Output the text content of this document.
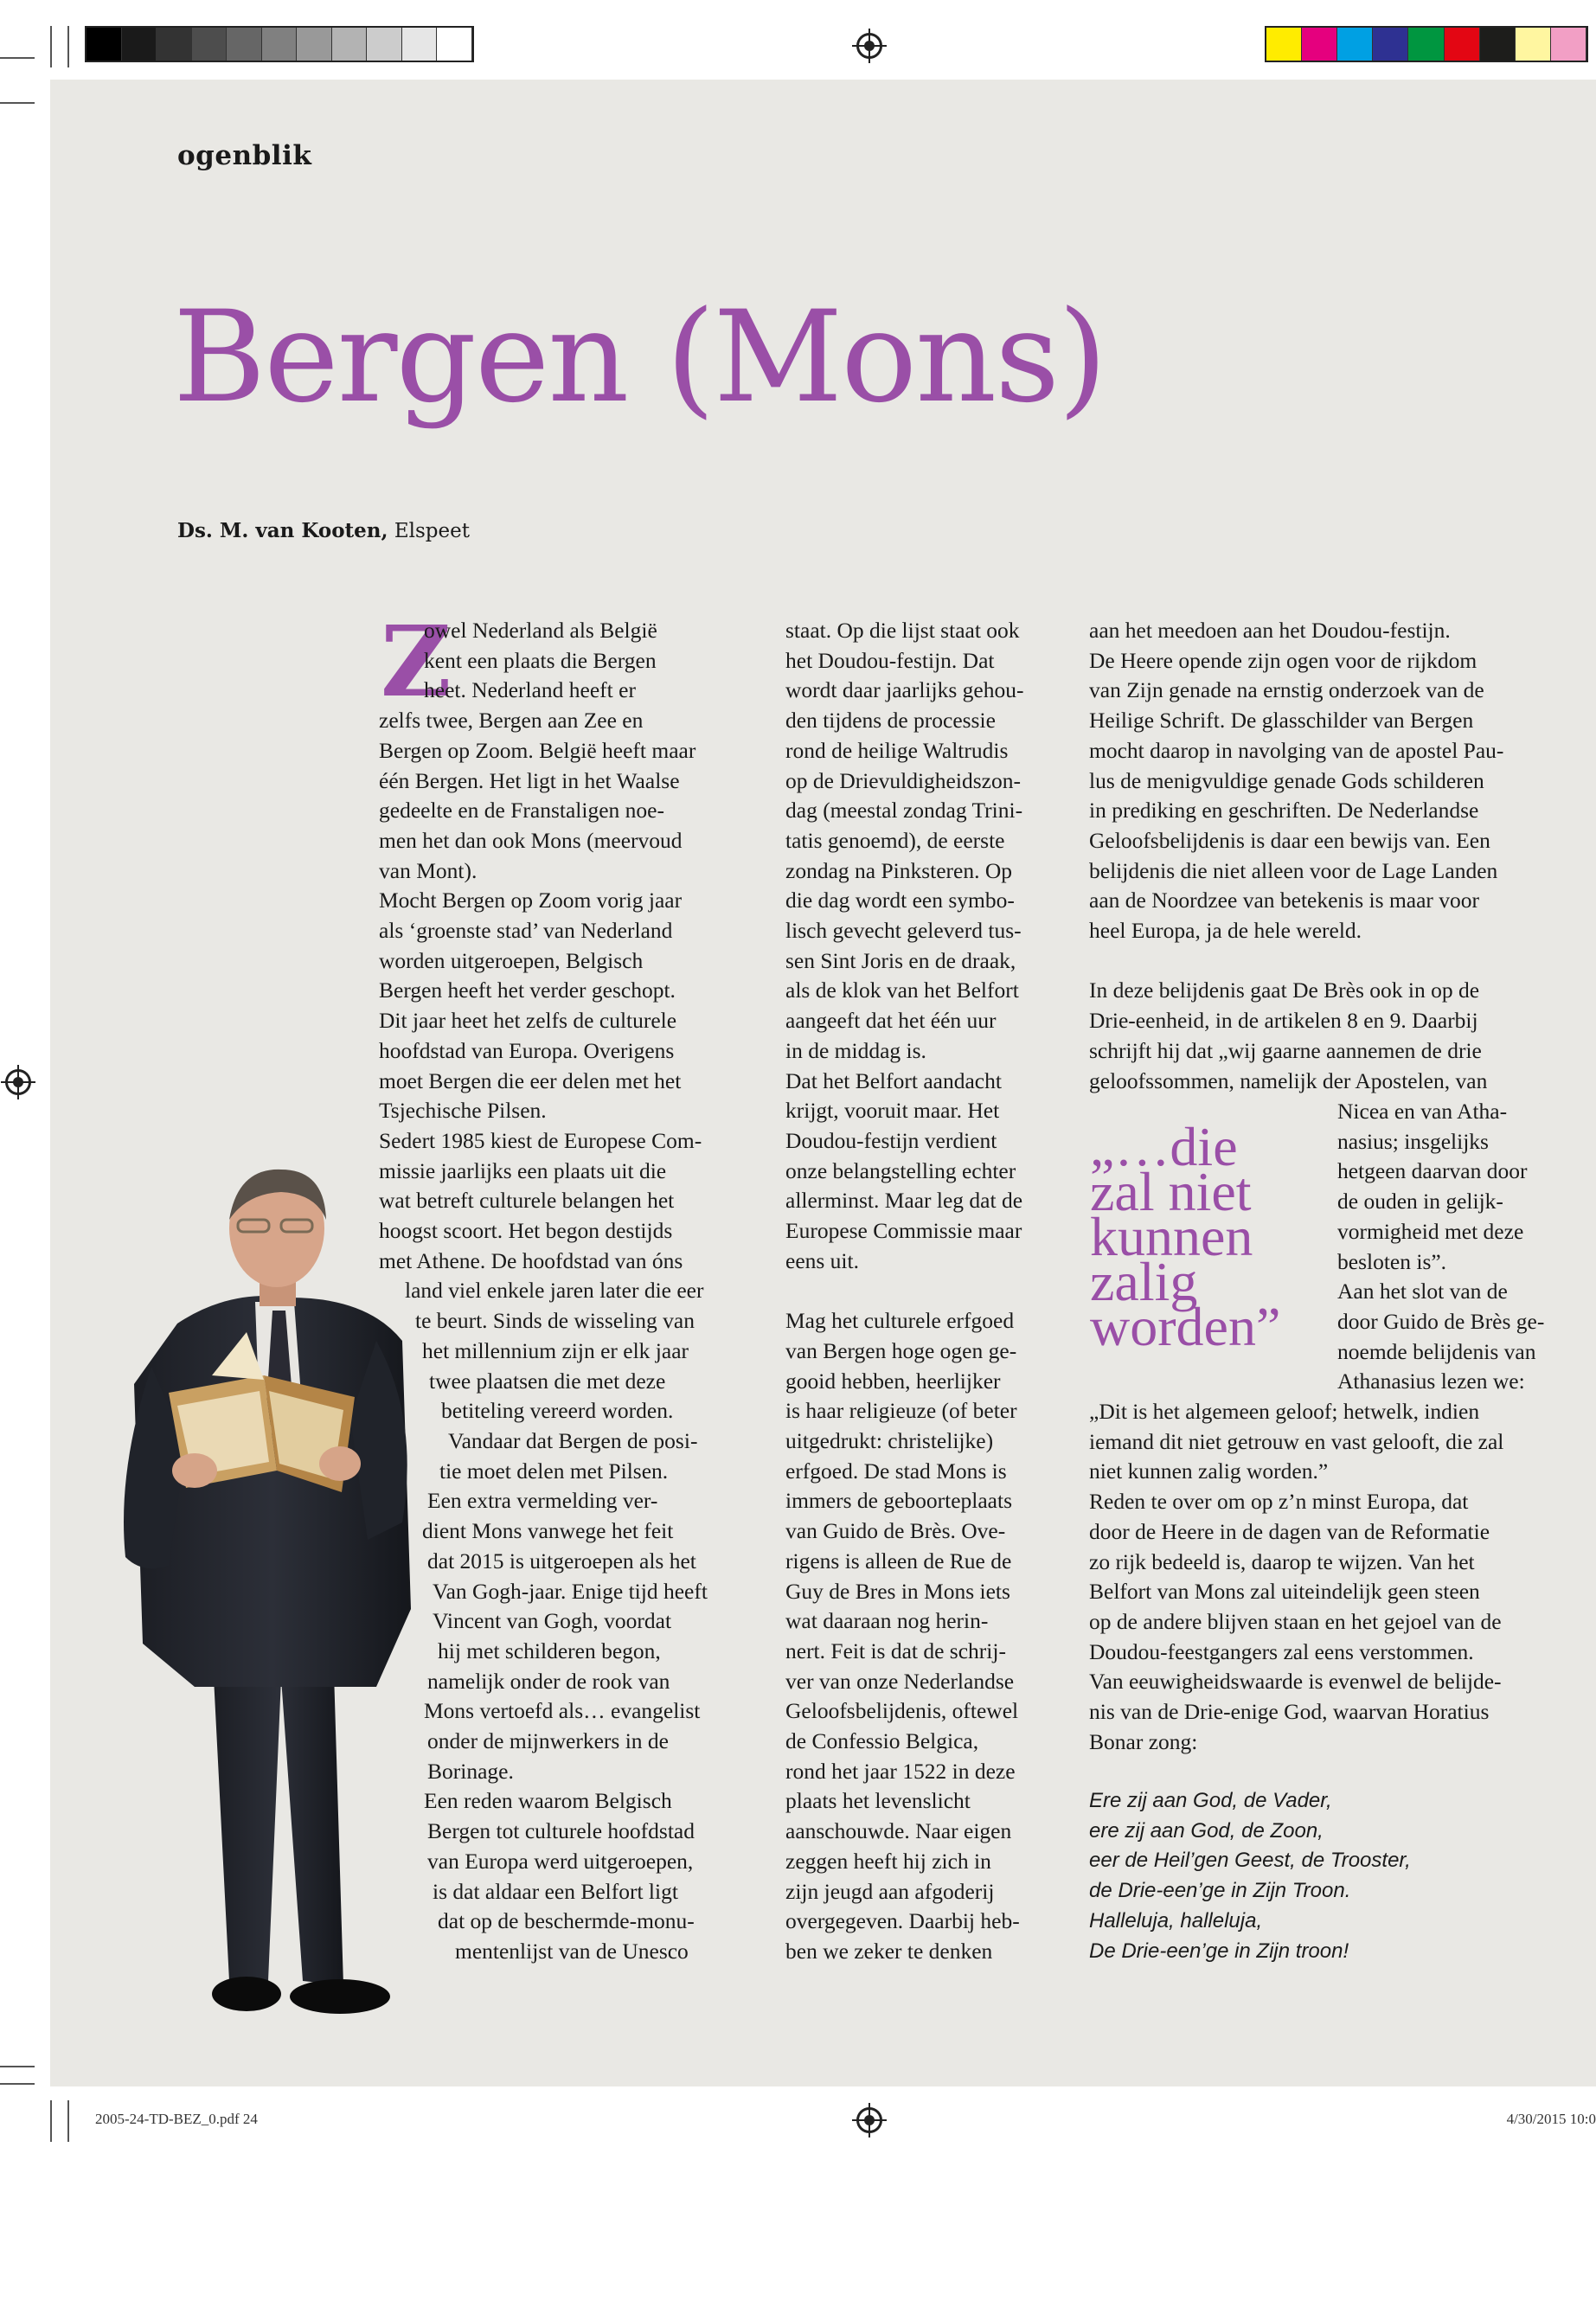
2005-24-TD-BEZ_0.pdf 24	4/30/2015 10:0
ogenblik
Bergen (Mons)
Ds. M. van Kooten, Elspeet
Z
owel Nederland als België
kent een plaats die Bergen
heet. Nederland heeft er
zelfs twee, Bergen aan Zee en
Bergen op Zoom. België heeft maar
één Bergen. Het ligt in het Waalse
gedeelte en de Franstaligen noe-
men het dan ook Mons (meervoud
van Mont).
Mocht Bergen op Zoom vorig jaar
als ‘groenste stad’ van Nederland
worden uitgeroepen, Belgisch
Bergen heeft het verder geschopt.
Dit jaar heet het zelfs de culturele
hoofdstad van Europa. Overigens
moet Bergen die eer delen met het
Tsjechische Pilsen.
Sedert 1985 kiest de Europese Com-
missie jaarlijks een plaats uit die
wat betreft culturele belangen het
hoogst scoort. Het begon destijds
met Athene. De hoofdstad van óns
land viel enkele jaren later die eer
te beurt. Sinds de wisseling van
het millennium zijn er elk jaar
twee plaatsen die met deze
betiteling vereerd worden.
Vandaar dat Bergen de posi-
tie moet delen met Pilsen.
Een extra vermelding ver-
dient Mons vanwege het feit
dat 2015 is uitgeroepen als het
Van Gogh-jaar. Enige tijd heeft
Vincent van Gogh, voordat
hij met schilderen begon,
namelijk onder de rook van
Mons vertoefd als… evangelist
onder de mijnwerkers in de
Borinage.
Een reden waarom Belgisch
Bergen tot culturele hoofdstad
van Europa werd uitgeroepen,
is dat aldaar een Belfort ligt
dat op de beschermde-monu-
mentenlijst van de Unesco
staat. Op die lijst staat ook
het Doudou-festijn. Dat
wordt daar jaarlijks gehou-
den tijdens de processie
rond de heilige Waltrudis
op de Drievuldigheidszon-
dag (meestal zondag Trini-
tatis genoemd), de eerste
zondag na Pinksteren. Op
die dag wordt een symbo-
lisch gevecht geleverd tus-
sen Sint Joris en de draak,
als de klok van het Belfort
aangeeft dat het één uur
in de middag is.
Dat het Belfort aandacht
krijgt, vooruit maar. Het
Doudou-festijn verdient
onze belangstelling echter
allerminst. Maar leg dat de
Europese Commissie maar
eens uit.

Mag het culturele erfgoed
van Bergen hoge ogen ge-
gooid hebben, heerlijker
is haar religieuze (of beter
uitgedrukt: christelijke)
erfgoed. De stad Mons is
immers de geboorteplaats
van Guido de Brès. Ove-
rigens is alleen de Rue de
Guy de Bres in Mons iets
wat daaraan nog herin-
nert. Feit is dat de schrij-
ver van onze Nederlandse
Geloofsbelijdenis, oftewel
de Confessio Belgica,
rond het jaar 1522 in deze
plaats het levenslicht
aanschouwde. Naar eigen
zeggen heeft hij zich in
zijn jeugd aan afgoderij
overgegeven. Daarbij heb-
ben we zeker te denken
aan het meedoen aan het Doudou-festijn.
De Heere opende zijn ogen voor de rijkdom
van Zijn genade na ernstig onderzoek van de
Heilige Schrift. De glasschilder van Bergen
mocht daarop in navolging van de apostel Pau-
lus de menigvuldige genade Gods schilderen
in prediking en geschriften. De Nederlandse
Geloofsbelijdenis is daar een bewijs van. Een
belijdenis die niet alleen voor de Lage Landen
aan de Noordzee van betekenis is maar voor
heel Europa, ja de hele wereld.

In deze belijdenis gaat De Brès ook in op de
Drie-eenheid, in de artikelen 8 en 9. Daarbij
schrijft hij dat „wij gaarne aannemen de drie
geloofssommen, namelijk der Apostelen, van
Nicea en van Atha-
nasius; insgelijks
hetgeen daarvan door
de ouden in gelijk-
vormigheid met deze
besloten is”.
Aan het slot van de
door Guido de Brès ge-
noemde belijdenis van
Athanasius lezen we:
„Dit is het algemeen geloof; hetwelk, indien
iemand dit niet getrouw en vast gelooft, die zal
niet kunnen zalig worden.”
Reden te over om op z’n minst Europa, dat
door de Heere in de dagen van de Reformatie
zo rijk bedeeld is, daarop te wijzen. Van het
Belfort van Mons zal uiteindelijk geen steen
op de andere blijven staan en het gejoel van de
Doudou-feestgangers zal eens verstommen.
Van eeuwigheidswaarde is evenwel de belijde-
nis van de Drie-enige God, waarvan Horatius
Bonar zong:
Ere zij aan God, de Vader,
ere zij aan God, de Zoon,
eer de Heil’gen Geest, de Trooster,
de Drie-een’ge in Zijn Troon.
Halleluja, halleluja,
De Drie-een’ge in Zijn troon!
„…die
zal niet
kunnen
zalig
worden”
